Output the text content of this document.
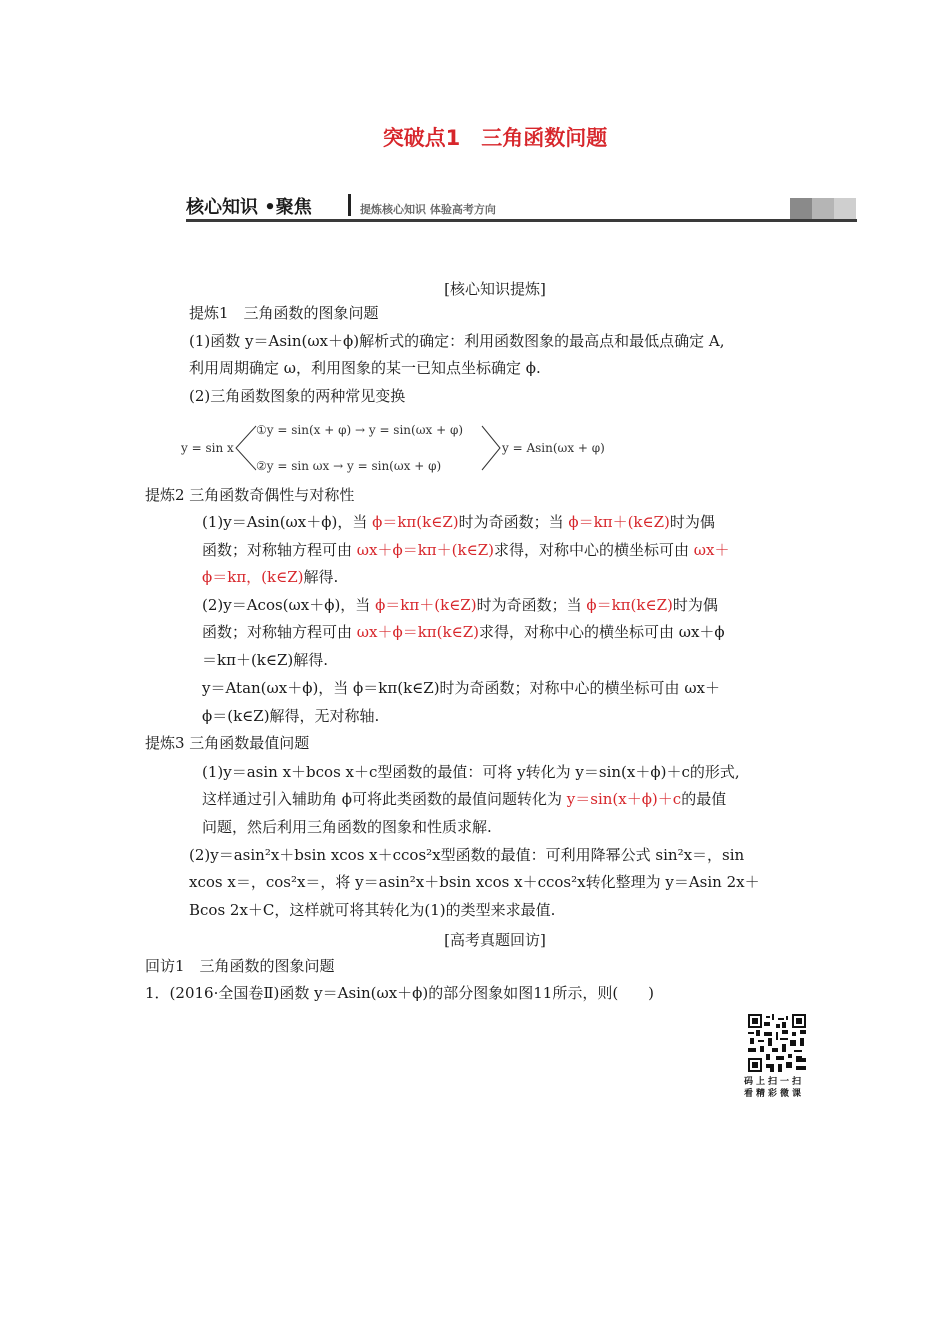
突破点1　三角函数问题
核心知识 •聚焦	提炼核心知识 体验高考方向
[核心知识提炼]
提炼1　三角函数的图象问题
(1)函数 y＝Asin(ωx＋ϕ)解析式的确定：利用函数图象的最高点和最低点确定 A,
利用周期确定 ω，利用图象的某一已知点坐标确定 ϕ.
(2)三角函数图象的两种常见变换
y = sin x
①y = sin(x + φ) → y = sin(ωx + φ)
②y = sin ωx → y = sin(ωx + φ)
y = Asin(ωx + φ)
提炼2 三角函数奇偶性与对称性
(1)y＝Asin(ωx＋ϕ)，当 ϕ＝kπ(k∈Z)时为奇函数；当 ϕ＝kπ＋(k∈Z)时为偶
函数；对称轴方程可由 ωx＋ϕ＝kπ＋(k∈Z)求得，对称中心的横坐标可由 ωx＋
ϕ＝kπ，(k∈Z)解得.
(2)y＝Acos(ωx＋ϕ)，当 ϕ＝kπ＋(k∈Z)时为奇函数；当 ϕ＝kπ(k∈Z)时为偶
函数；对称轴方程可由 ωx＋ϕ＝kπ(k∈Z)求得，对称中心的横坐标可由 ωx＋ϕ
＝kπ＋(k∈Z)解得.
y＝Atan(ωx＋ϕ)，当 ϕ＝kπ(k∈Z)时为奇函数；对称中心的横坐标可由 ωx＋
ϕ＝(k∈Z)解得，无对称轴.
提炼3 三角函数最值问题
(1)y＝asin x＋bcos x＋c型函数的最值：可将 y转化为 y＝sin(x＋ϕ)＋c的形式,
这样通过引入辅助角 ϕ可将此类函数的最值问题转化为 y＝sin(x＋ϕ)＋c的最值
问题，然后利用三角函数的图象和性质求解.
(2)y＝asin²x＋bsin xcos x＋ccos²x型函数的最值：可利用降幂公式 sin²x＝，sin
xcos x＝，cos²x＝，将 y＝asin²x＋bsin xcos x＋ccos²x转化整理为 y＝Asin 2x＋
Bcos 2x＋C，这样就可将其转化为(1)的类型来求最值.
[高考真题回访]
回访1　三角函数的图象问题
1．(2016·全国卷Ⅱ)函数 y＝Asin(ωx＋ϕ)的部分图象如图11所示，则(　　)
码上扫一扫
看精彩微课
